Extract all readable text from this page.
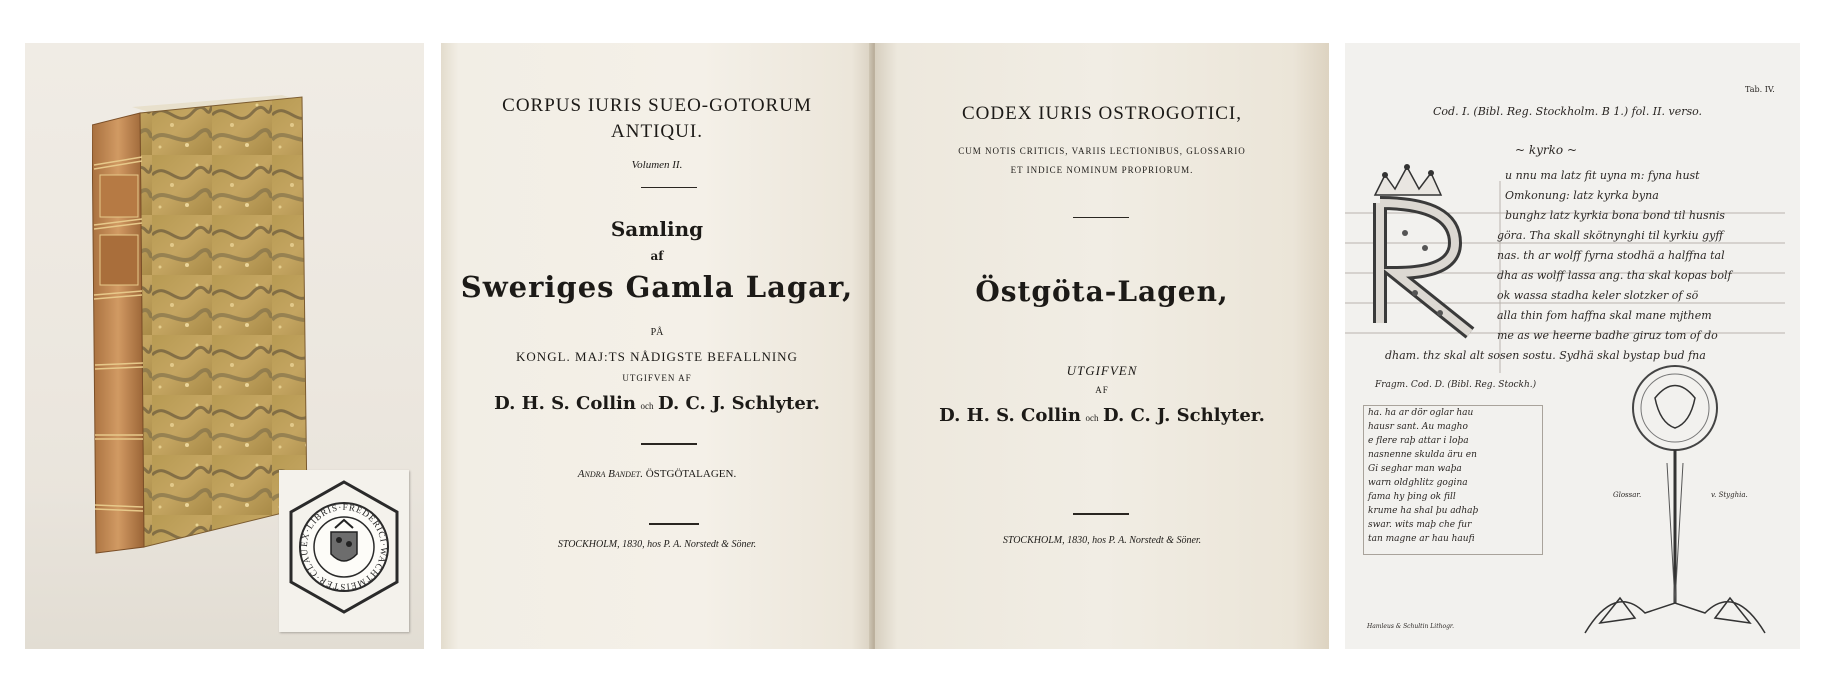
EX·LIBRIS·FREDERICI·WACHTMEISTER·CLAU
CORPUS IURIS SUEO-GOTORUM
ANTIQUI.
Volumen II.
Samling
af
Sweriges Gamla Lagar,
PÅ
KONGL. MAJ:TS NÅDIGSTE BEFALLNING
UTGIFVEN AF
D. H. S. Collin och D. C. J. Schlyter.
Andra Bandet. ÖSTGÖTALAGEN.
STOCKHOLM, 1830, hos P. A. Norstedt & Söner.
CODEX IURIS OSTROGOTICI,
CUM NOTIS CRITICIS, VARIIS LECTIONIBUS, GLOSSARIO
ET INDICE NOMINUM PROPRIORUM.
Östgöta-Lagen,
UTGIFVEN
AF
D. H. S. Collin och D. C. J. Schlyter.
STOCKHOLM, 1830, hos P. A. Norstedt & Söner.
Tab. IV.
Cod. I. (Bibl. Reg. Stockholm. B 1.) fol. II. verso.
~ kyrko ~
u nnu ma latz fit uyna m: fyna hust
Omkonung: latz kyrka byna
bunghz latz kyrkia bona bond til husnis
göra. Tha skall skötnynghi til kyrkiu gyff
nas. th ar wolff fyrna stodhä a halffna tal
dha as wolff lassa ang. tha skal kopas bolf
ok wassa stadha keler slotzker of sö
alla thin fom haffna skal mane mjthem
me as we heerne badhe giruz tom of do
dham. thz skal alt sosen sostu. Sydhä skal bystap bud fna
Fragm. Cod. D. (Bibl. Reg. Stockh.)
ha. ha ar dör oglar hau
hausr sant. Au magho
e flere raþ attar i loþa
nasnenne skulda äru en
Gi seghar man waþa
warn oldghlitz gogina
fama hy þing ok fill
krume ha shal þu adhaþ
swar. wits maþ che fur
tan magne ar hau haufi
Glossar.	v. Styghia.
Hamleus & Schultin Lithogr.
